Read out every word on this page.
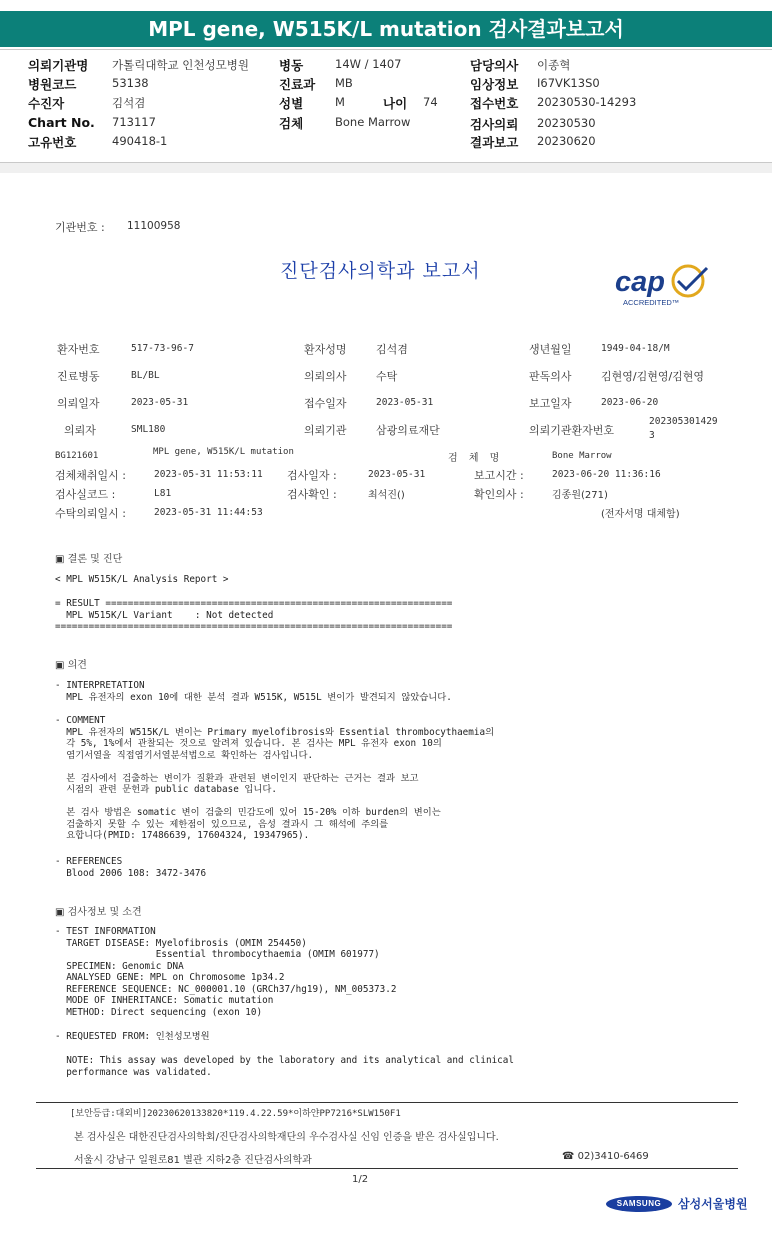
MPL gene, W515K/L mutation 검사결과보고서
의뢰기관명 가톨릭대학교 인천성모병원 병동	14W / 1407	담당의사 이종혁
병원코드	53138	진료과 MB	임상정보 I67VK13S0
수진자	김석겸	성별	M	나이 74	접수번호 20230530-14293
Chart No. 713117	검체	Bone Marrow	검사의뢰 20230530
고유번호	490418-1	결과보고 20230620
기관번호 : 11100958
진단검사의학과 보고서	cap
ACCREDITED™
환자번호	517-73-96-7	환자성명	김석겸	생년월일	1949-04-18/M
진료병동	BL/BL	의뢰의사	수탁	판독의사	김현영/김현영/김현영
의뢰일자	2023-05-31	접수일자	2023-05-31	보고일자	2023-06-20
의뢰자	SML180	의뢰기관	삼광의료재단	의뢰기관환자번호
202305301429
3
BG121601	MPL gene, W515K/L mutation
검 체 명	Bone Marrow
검체채취일시 :	2023-05-31 11:53:11 검사일자 :	2023-05-31	보고시간 :	2023-06-20 11:36:16
검사실코드 :	L81	검사확인 :	최석진()	확인의사 :	김종원(271)
수탁의뢰일시 :	2023-05-31 11:44:53	(전자서명 대체함)
▣ 결론 및 진단
< MPL W515K/L Analysis Report >
= RESULT ==============================================================
MPL W515K/L Variant    : Not detected
=======================================================================
▣ 의견
- INTERPRETATION
MPL 유전자의 exon 10에 대한 분석 결과 W515K, W515L 변이가 발견되지 않았습니다.
- COMMENT
MPL 유전자의 W515K/L 변이는 Primary myelofibrosis와 Essential thrombocythaemia의
각 5%, 1%에서 관찰되는 것으로 알려져 있습니다. 본 검사는 MPL 유전자 exon 10의
염기서열을 직접염기서열분석법으로 확인하는 검사입니다.

본 검사에서 검출하는 변이가 질환과 관련된 변이인지 판단하는 근거는 결과 보고
시점의 관련 문헌과 public database 입니다.

본 검사 방법은 somatic 변이 검출의 민감도에 있어 15-20% 이하 burden의 변이는
검출하지 못할 수 있는 제한점이 있으므로, 음성 결과시 그 해석에 주의를
요합니다(PMID: 17486639, 17604324, 19347965).
- REFERENCES
Blood 2006 108: 3472-3476
▣ 검사정보 및 소견
- TEST INFORMATION
TARGET DISEASE: Myelofibrosis (OMIM 254450)
Essential thrombocythaemia (OMIM 601977)
SPECIMEN: Genomic DNA
ANALYSED GENE: MPL on Chromosome 1p34.2
REFERENCE SEQUENCE: NC_000001.10 (GRCh37/hg19), NM_005373.2
MODE OF INHERITANCE: Somatic mutation
METHOD: Direct sequencing (exon 10)
- REQUESTED FROM: 인천성모병원
NOTE: This assay was developed by the laboratory and its analytical and clinical
performance was validated.
[보안등급:대외비]20230620133820*119.4.22.59*이하얀PP7216*SLW150F1
본 검사실은 대한진단검사의학회/진단검사의학재단의 우수검사실 신임 인증을 받은 검사실입니다.
서울시 강남구 일원로81 별관 지하2층 진단검사의학과	☎ 02)3410-6469
1/2
SAMSUNG	삼성서울병원
